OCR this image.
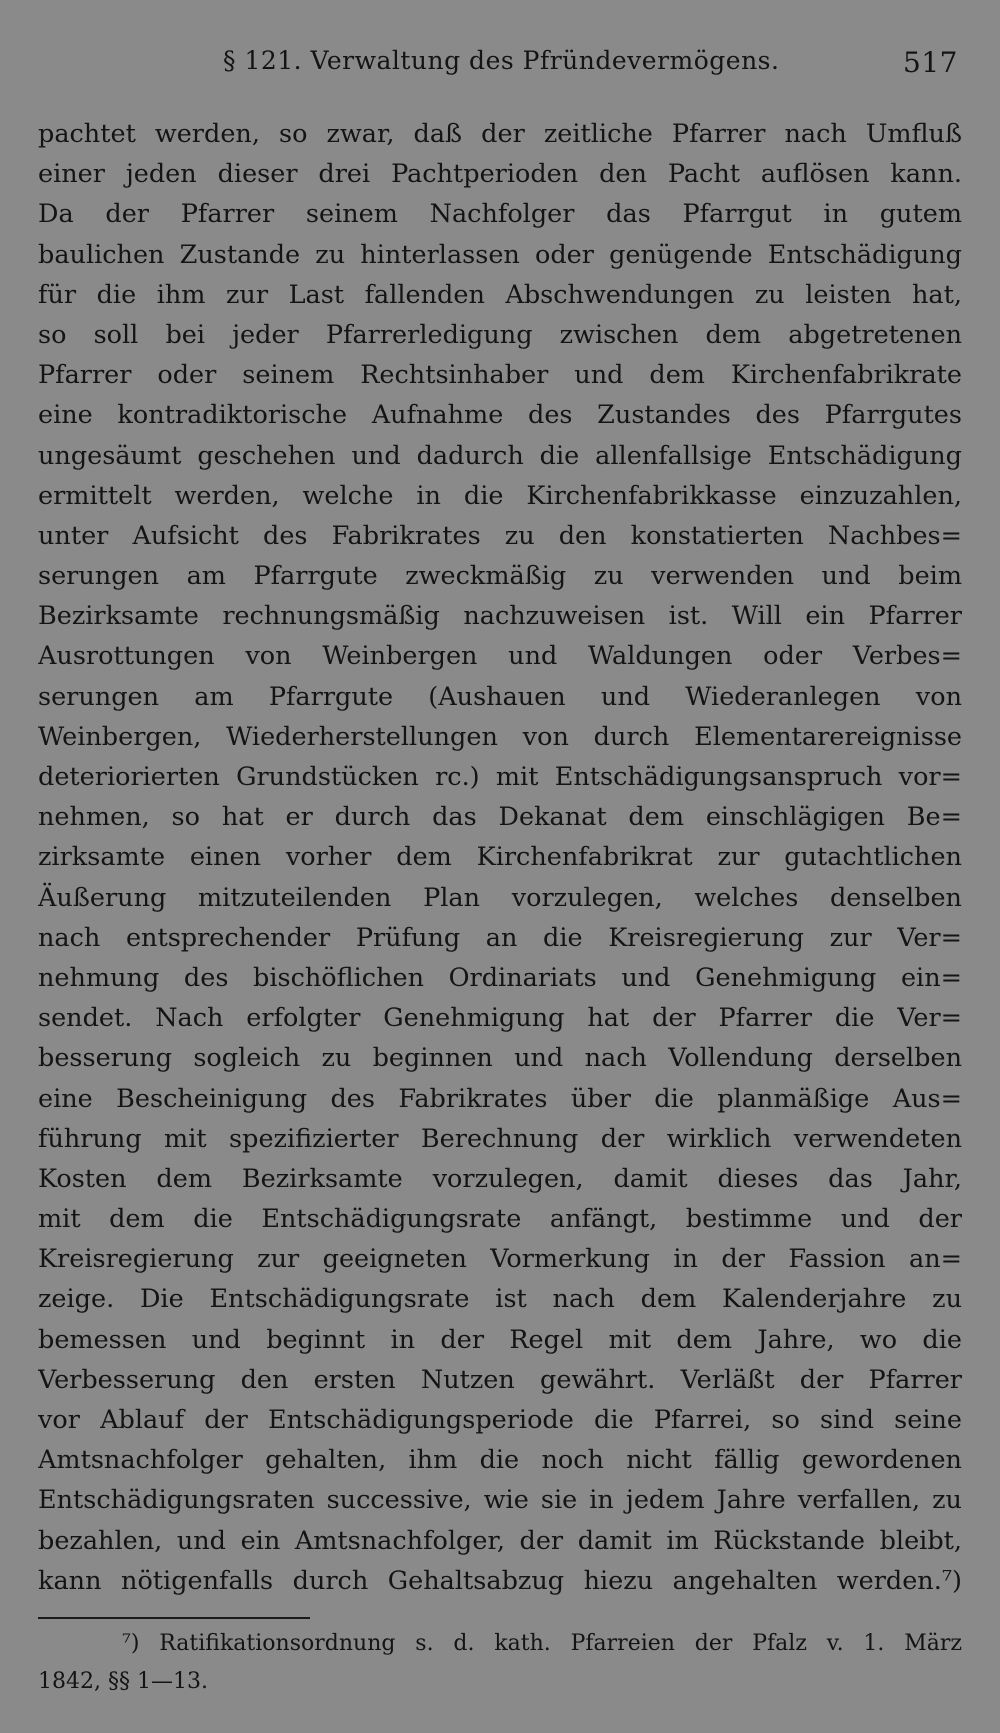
§ 121. Verwaltung des Pfründevermögens.	517
pachtet werden, so zwar, daß der zeitliche Pfarrer nach Umfluß
einer jeden dieser drei Pachtperioden den Pacht auflösen kann.
Da der Pfarrer seinem Nachfolger das Pfarrgut in gutem
baulichen Zustande zu hinterlassen oder genügende Entschädigung
für die ihm zur Last fallenden Abschwendungen zu leisten hat,
so soll bei jeder Pfarrerledigung zwischen dem abgetretenen
Pfarrer oder seinem Rechtsinhaber und dem Kirchenfabrikrate
eine kontradiktorische Aufnahme des Zustandes des Pfarrgutes
ungesäumt geschehen und dadurch die allenfallsige Entschädigung
ermittelt werden, welche in die Kirchenfabrikkasse einzuzahlen,
unter Aufsicht des Fabrikrates zu den konstatierten Nachbes=
serungen am Pfarrgute zweckmäßig zu verwenden und beim
Bezirksamte rechnungsmäßig nachzuweisen ist. Will ein Pfarrer
Ausrottungen von Weinbergen und Waldungen oder Verbes=
serungen am Pfarrgute (Aushauen und Wiederanlegen von
Weinbergen, Wiederherstellungen von durch Elementarereignisse
deteriorierten Grundstücken rc.) mit Entschädigungsanspruch vor=
nehmen, so hat er durch das Dekanat dem einschlägigen Be=
zirksamte einen vorher dem Kirchenfabrikrat zur gutachtlichen
Äußerung mitzuteilenden Plan vorzulegen, welches denselben
nach entsprechender Prüfung an die Kreisregierung zur Ver=
nehmung des bischöflichen Ordinariats und Genehmigung ein=
sendet. Nach erfolgter Genehmigung hat der Pfarrer die Ver=
besserung sogleich zu beginnen und nach Vollendung derselben
eine Bescheinigung des Fabrikrates über die planmäßige Aus=
führung mit spezifizierter Berechnung der wirklich verwendeten
Kosten dem Bezirksamte vorzulegen, damit dieses das Jahr,
mit dem die Entschädigungsrate anfängt, bestimme und der
Kreisregierung zur geeigneten Vormerkung in der Fassion an=
zeige. Die Entschädigungsrate ist nach dem Kalenderjahre zu
bemessen und beginnt in der Regel mit dem Jahre, wo die
Verbesserung den ersten Nutzen gewährt. Verläßt der Pfarrer
vor Ablauf der Entschädigungsperiode die Pfarrei, so sind seine
Amtsnachfolger gehalten, ihm die noch nicht fällig gewordenen
Entschädigungsraten successive, wie sie in jedem Jahre verfallen, zu
bezahlen, und ein Amtsnachfolger, der damit im Rückstande bleibt,
kann nötigenfalls durch Gehaltsabzug hiezu angehalten werden.⁷)
⁷) Ratifikationsordnung s. d. kath. Pfarreien der Pfalz v. 1. März
1842, §§ 1—13.
